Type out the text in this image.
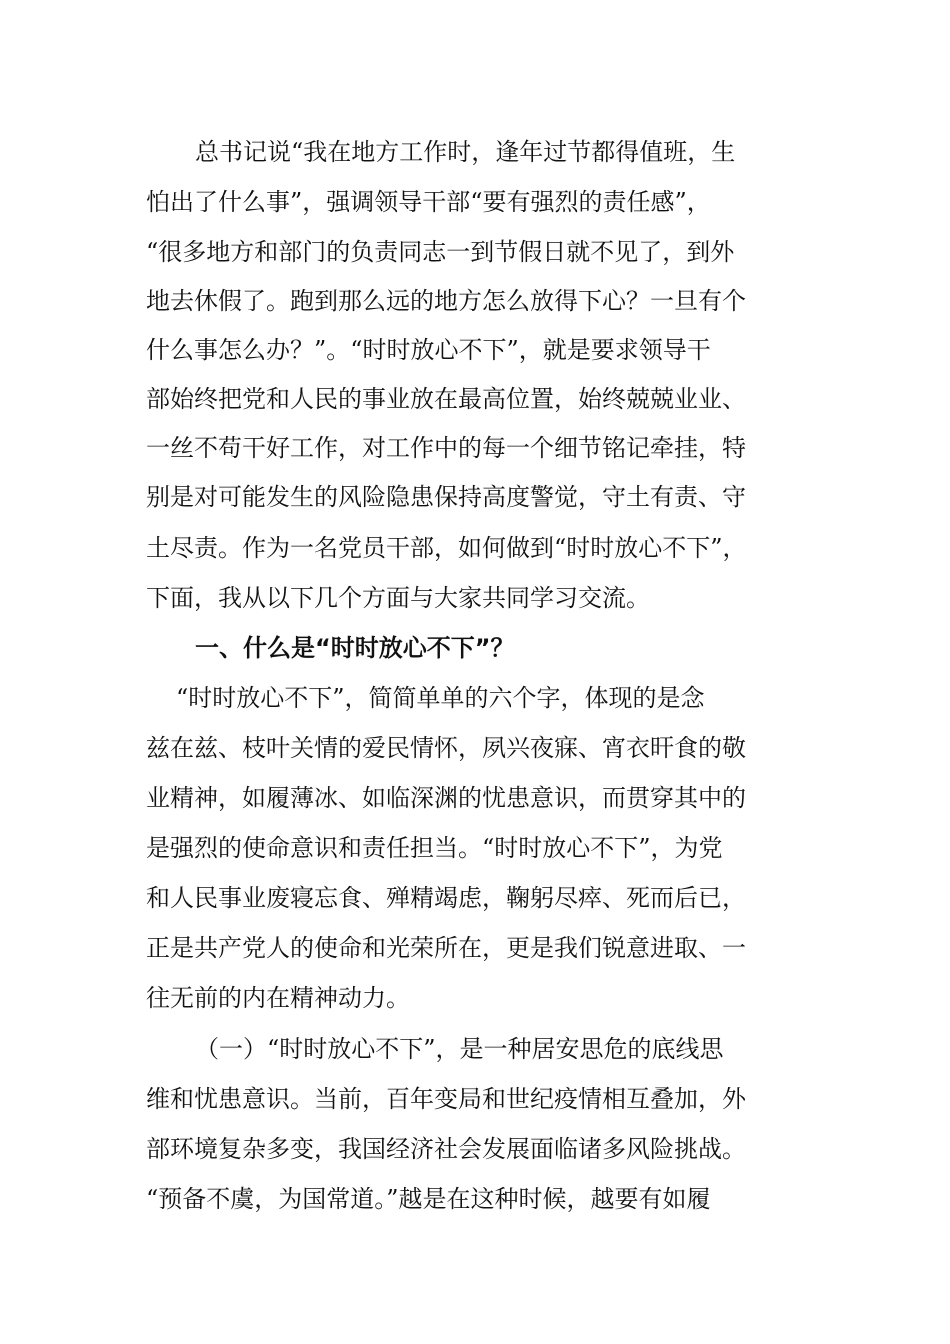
总书记说“我在地方工作时，逢年过节都得值班，生
怕出了什么事”，强调领导干部“要有强烈的责任感”，
“很多地方和部门的负责同志一到节假日就不见了，到外
地去休假了。跑到那么远的地方怎么放得下心？一旦有个
什么事怎么办？”。“时时放心不下”，就是要求领导干
部始终把党和人民的事业放在最高位置，始终兢兢业业、
一丝不苟干好工作，对工作中的每一个细节铭记牵挂，特
别是对可能发生的风险隐患保持高度警觉，守土有责、守
土尽责。作为一名党员干部，如何做到“时时放心不下”，
下面，我从以下几个方面与大家共同学习交流。
一、什么是“时时放心不下”？
“时时放心不下”，简简单单的六个字，体现的是念
兹在兹、枝叶关情的爱民情怀，夙兴夜寐、宵衣旰食的敬
业精神，如履薄冰、如临深渊的忧患意识，而贯穿其中的
是强烈的使命意识和责任担当。“时时放心不下”，为党
和人民事业废寝忘食、殚精竭虑，鞠躬尽瘁、死而后已，
正是共产党人的使命和光荣所在，更是我们锐意进取、一
往无前的内在精神动力。
（一）“时时放心不下”，是一种居安思危的底线思
维和忧患意识。当前，百年变局和世纪疫情相互叠加，外
部环境复杂多变，我国经济社会发展面临诸多风险挑战。
“预备不虞，为国常道。”越是在这种时候，越要有如履
